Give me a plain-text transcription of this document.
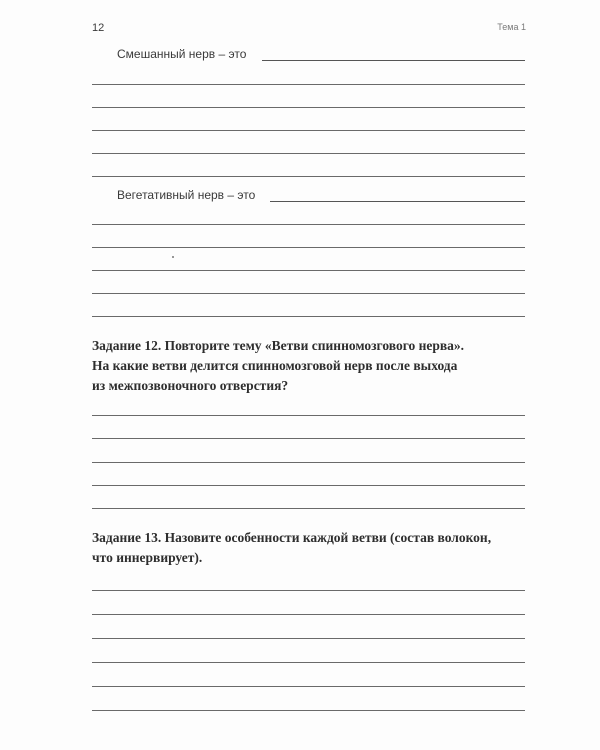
12	Тема 1
Смешанный нерв – это
Вегетативный нерв – это
Задание 12. Повторите тему «Ветви спинномозгового нерва».
На какие ветви делится спинномозговой нерв после выхода
из межпозвоночного отверстия?
Задание 13. Назовите особенности каждой ветви (состав волокон,
что иннервирует).
